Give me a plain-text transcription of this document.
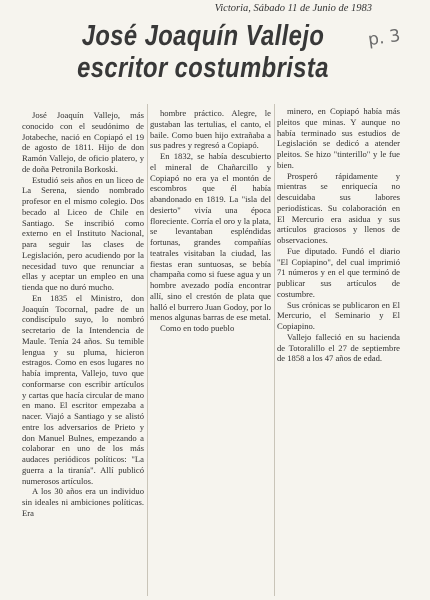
Victoria, Sábado 11 de Junio de 1983
p. 3
José Joaquín Vallejo
escritor costumbrista

José Joaquín Vallejo, más conocido con el seudónimo de Jotabeche, nació en Copiapó el 19 de agosto de 1811. Hijo de don Ramón Vallejo, de oficio platero, y de doña Petronila Borkoski.

Estudió seis años en un liceo de La Serena, siendo nombrado profesor en el mismo colegio. Dos becado al Liceo de Chile en Santiago. Se inscribió como externo en el Instituto Nacional, para seguir las clases de Legislación, pero acudiendo por la necesidad tuvo que renunciar a ellas y aceptar un empleo en una tienda que no duró mucho.

En 1835 el Ministro, don Joaquín Tocornal, padre de un condiscípulo suyo, lo nombró secretario de la Intendencia de Maule. Tenía 24 años. Su temible lengua y su pluma, hicieron estragos. Como en esos lugares no había imprenta, Vallejo, tuvo que conformarse con escribir artículos y cartas que hacía circular de mano en mano. El escritor empezaba a nacer. Viajó a Santiago y se alistó entre los adversarios de Prieto y don Manuel Bulnes, empezando a colaborar en uno de los más audaces periódicos políticos: "La guerra a la tiranía". Allí publicó numerosos artículos.

A los 30 años era un individuo sin ideales ni ambiciones políticas. Era

hombre práctico. Alegre, le gustaban las tertulias, el canto, el baile. Como buen hijo extrañaba a sus padres y regresó a Copiapó.

En 1832, se había descubierto el mineral de Chañarcillo y Copiapó no era ya el montón de escombros que él había abandonado en 1819. La "isla del desierto" vivía una época floreciente. Corría el oro y la plata, se levantaban espléndidas fortunas, grandes compañías teatrales visitaban la ciudad, las fiestas eran suntuosas, se bebía champaña como si fuese agua y un hombre avezado podía encontrar allí, sino el crestón de plata que halló el burrero Juan Godoy, por lo menos algunas barras de ese metal.

Como en todo pueblo

minero, en Copiapó había más pleitos que minas. Y aunque no había terminado sus estudios de Legislación se dedicó a atender pleitos. Se hizo "tinterillo" y le fue bien.

Prosperó rápidamente y mientras se enriquecía no descuidaba sus labores periodísticas. Su colaboración en El Mercurio era asidua y sus artículos graciosos y llenos de observaciones.

Fue diputado. Fundó el diario "El Copiapino", del cual imprimió 71 números y en el que terminó de publicar sus artículos de costumbre.

Sus crónicas se publicaron en El Mercurio, el Seminario y El Copiapino.

Vallejo falleció en su hacienda de Totoralillo el 27 de septiembre de 1858 a los 47 años de edad.
